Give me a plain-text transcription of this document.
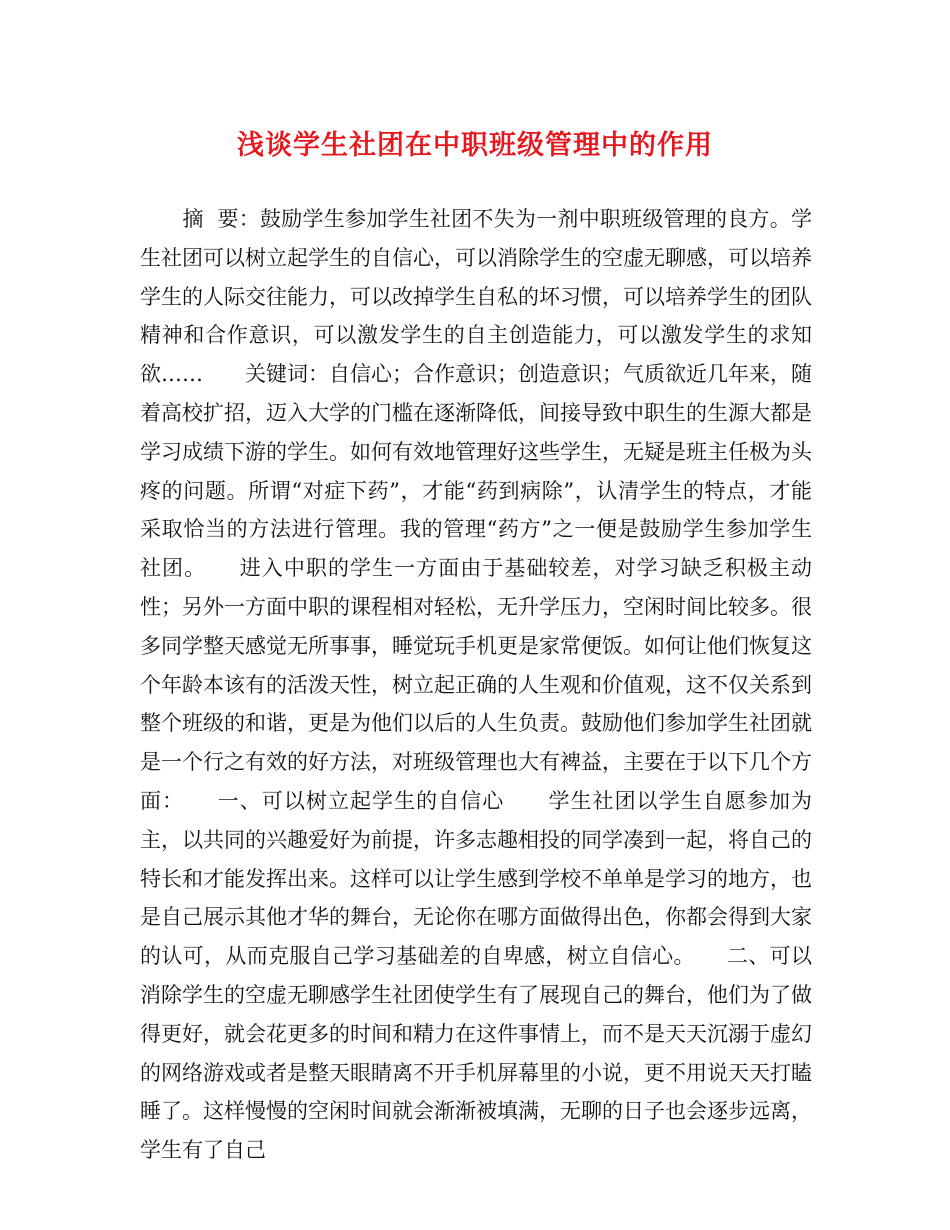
浅谈学生社团在中职班级管理中的作用

　　摘  要：鼓励学生参加学生社团不失为一剂中职班级管理的良方。学生社团可以树立起学生的自信心，可以消除学生的空虚无聊感，可以培养学生的人际交往能力，可以改掉学生自私的坏习惯，可以培养学生的团队精神和合作意识，可以激发学生的自主创造能力，可以激发学生的求知欲……　　关键词：自信心；合作意识；创造意识；气质欲近几年来，随着高校扩招，迈入大学的门槛在逐渐降低，间接导致中职生的生源大都是学习成绩下游的学生。如何有效地管理好这些学生，无疑是班主任极为头疼的问题。所谓“对症下药”，才能“药到病除”，认清学生的特点，才能采取恰当的方法进行管理。我的管理“药方”之一便是鼓励学生参加学生社团。　　进入中职的学生一方面由于基础较差，对学习缺乏积极主动性；另外一方面中职的课程相对轻松，无升学压力，空闲时间比较多。很多同学整天感觉无所事事，睡觉玩手机更是家常便饭。如何让他们恢复这个年龄本该有的活泼天性，树立起正确的人生观和价值观，这不仅关系到整个班级的和谐，更是为他们以后的人生负责。鼓励他们参加学生社团就是一个行之有效的好方法，对班级管理也大有裨益，主要在于以下几个方面：　　一、可以树立起学生的自信心　　学生社团以学生自愿参加为主，以共同的兴趣爱好为前提，许多志趣相投的同学凑到一起，将自己的特长和才能发挥出来。这样可以让学生感到学校不单单是学习的地方，也是自己展示其他才华的舞台，无论你在哪方面做得出色，你都会得到大家的认可，从而克服自己学习基础差的自卑感，树立自信心。　　二、可以消除学生的空虚无聊感学生社团使学生有了展现自己的舞台，他们为了做得更好，就会花更多的时间和精力在这件事情上，而不是天天沉溺于虚幻的网络游戏或者是整天眼睛离不开手机屏幕里的小说，更不用说天天打瞌睡了。这样慢慢的空闲时间就会渐渐被填满，无聊的日子也会逐步远离，学生有了自己
